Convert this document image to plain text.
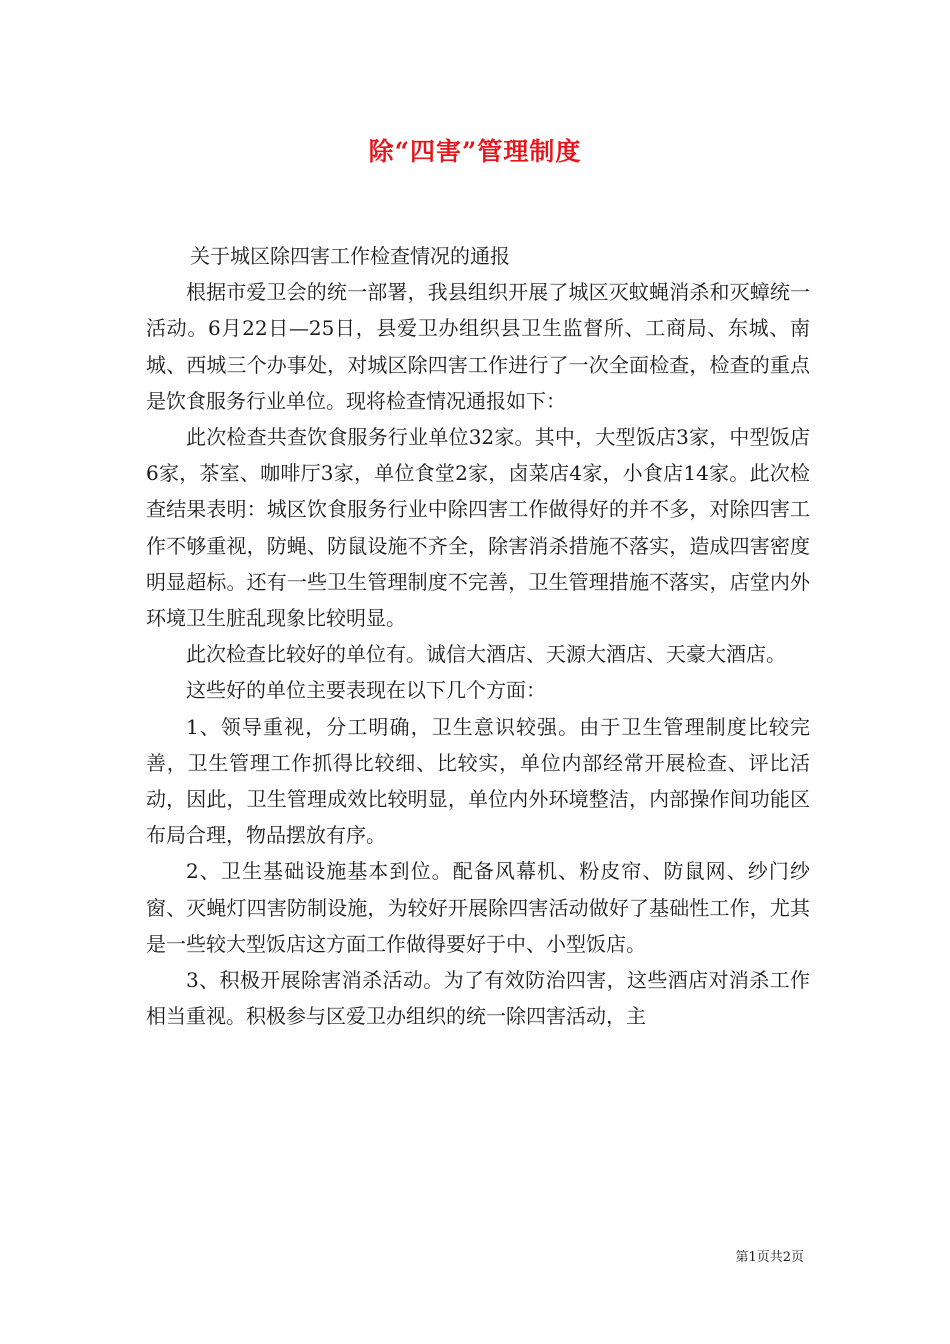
除“四害”管理制度

关于城区除四害工作检查情况的通报

根据市爱卫会的统一部署，我县组织开展了城区灭蚊蝇消杀和灭蟑统一活动。6月22日—25日，县爱卫办组织县卫生监督所、工商局、东城、南城、西城三个办事处，对城区除四害工作进行了一次全面检查，检查的重点是饮食服务行业单位。现将检查情况通报如下：

此次检查共查饮食服务行业单位32家。其中，大型饭店3家，中型饭店6家，茶室、咖啡厅3家，单位食堂2家，卤菜店4家，小食店14家。此次检查结果表明：城区饮食服务行业中除四害工作做得好的并不多，对除四害工作不够重视，防蝇、防鼠设施不齐全，除害消杀措施不落实，造成四害密度明显超标。还有一些卫生管理制度不完善，卫生管理措施不落实，店堂内外环境卫生脏乱现象比较明显。

此次检查比较好的单位有。诚信大酒店、天源大酒店、天豪大酒店。

这些好的单位主要表现在以下几个方面：

1、领导重视，分工明确，卫生意识较强。由于卫生管理制度比较完善，卫生管理工作抓得比较细、比较实，单位内部经常开展检查、评比活动，因此，卫生管理成效比较明显，单位内外环境整洁，内部操作间功能区布局合理，物品摆放有序。

2、卫生基础设施基本到位。配备风幕机、粉皮帘、防鼠网、纱门纱窗、灭蝇灯四害防制设施，为较好开展除四害活动做好了基础性工作，尤其是一些较大型饭店这方面工作做得要好于中、小型饭店。

3、积极开展除害消杀活动。为了有效防治四害，这些酒店对消杀工作相当重视。积极参与区爱卫办组织的统一除四害活动，主

第1页共2页
